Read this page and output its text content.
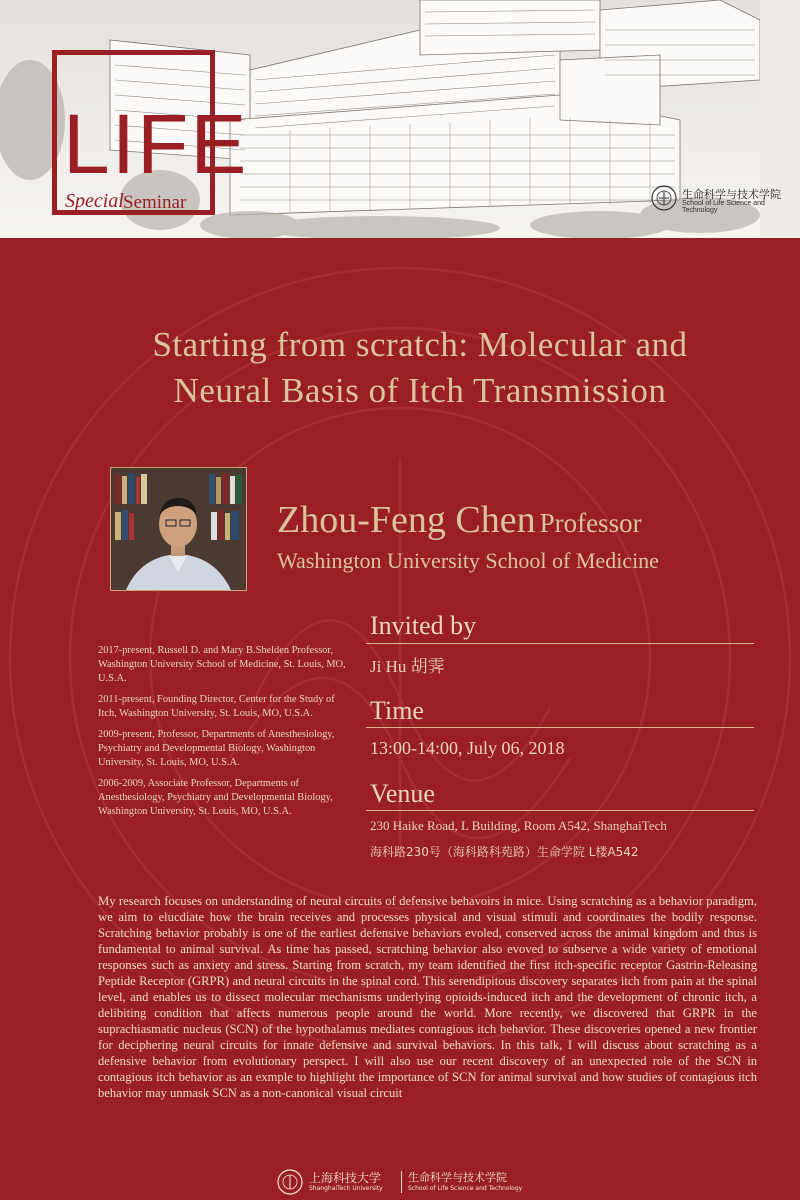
LIFE
Special Seminar	生命科学与技术学院
School of Life Science and Technology
Starting from scratch: Molecular and
Neural Basis of Itch Transmission
Zhou-Feng Chen Professor
Washington University School of Medicine
2017-present, Russell D. and Mary B.Shelden Professor, Washington University School of Medicine, St. Louis, MO, U.S.A.
2011-present, Founding Director, Center for the Study of Itch, Washington University, St. Louis, MO, U.S.A.
2009-present, Professor, Departments of Anesthesiology, Psychiatry and Developmental Biology, Washington University, St. Louis, MO, U.S.A.
2006-2009, Associate Professor, Departments of Anesthesiology, Psychiatry and Developmental Biology, Washington University, St. Louis, MO, U.S.A.
Invited by
Ji Hu 胡霁
Time
13:00-14:00, July 06, 2018
Venue
230 Haike Road, L Building, Room A542, ShanghaiTech
海科路230号（海科路科苑路）生命学院 L楼A542
My research focuses on understanding of neural circuits of defensive behavoirs in mice. Using scratching as a behavior paradigm, we aim to elucdiate how the brain receives and processes physical and visual stimuli and coordinates the bodily response. Scratching behavior probably is one of the earliest defensive behaviors evoled, conserved across the animal kingdom and thus is fundamental to animal survival. As time has passed, scratching behavior also evoved to subserve a wide variety of emotional responses such as anxiety and stress. Starting from scratch, my team identified the first itch-specific receptor Gastrin-Releasing Peptide Receptor (GRPR) and neural circuits in the spinal cord. This serendipitous discovery separates itch from pain at the spinal level, and enables us to dissect molecular mechanisms underlying opioids-induced itch and the development of chronic itch, a delibiting condition that affects numerous people around the world. More recently, we discovered that GRPR in the suprachiasmatic nucleus (SCN) of the hypothalamus mediates contagious itch behavior. These discoveries opened a new frontier for deciphering neural circuits for innate defensive and survival behaviors. In this talk, I will discuss about scratching as a defensive behavior from evolutionary perspect. I will also use our recent discovery of an unexpected role of the SCN in contagious itch behavior as an exmple to highlight the importance of SCN for animal survival and how studies of contagious itch behavior may unmask SCN as a non-canonical visual circuit
上海科技大学
ShanghaiTech University
生命科学与技术学院
School of Life Science and Technology
